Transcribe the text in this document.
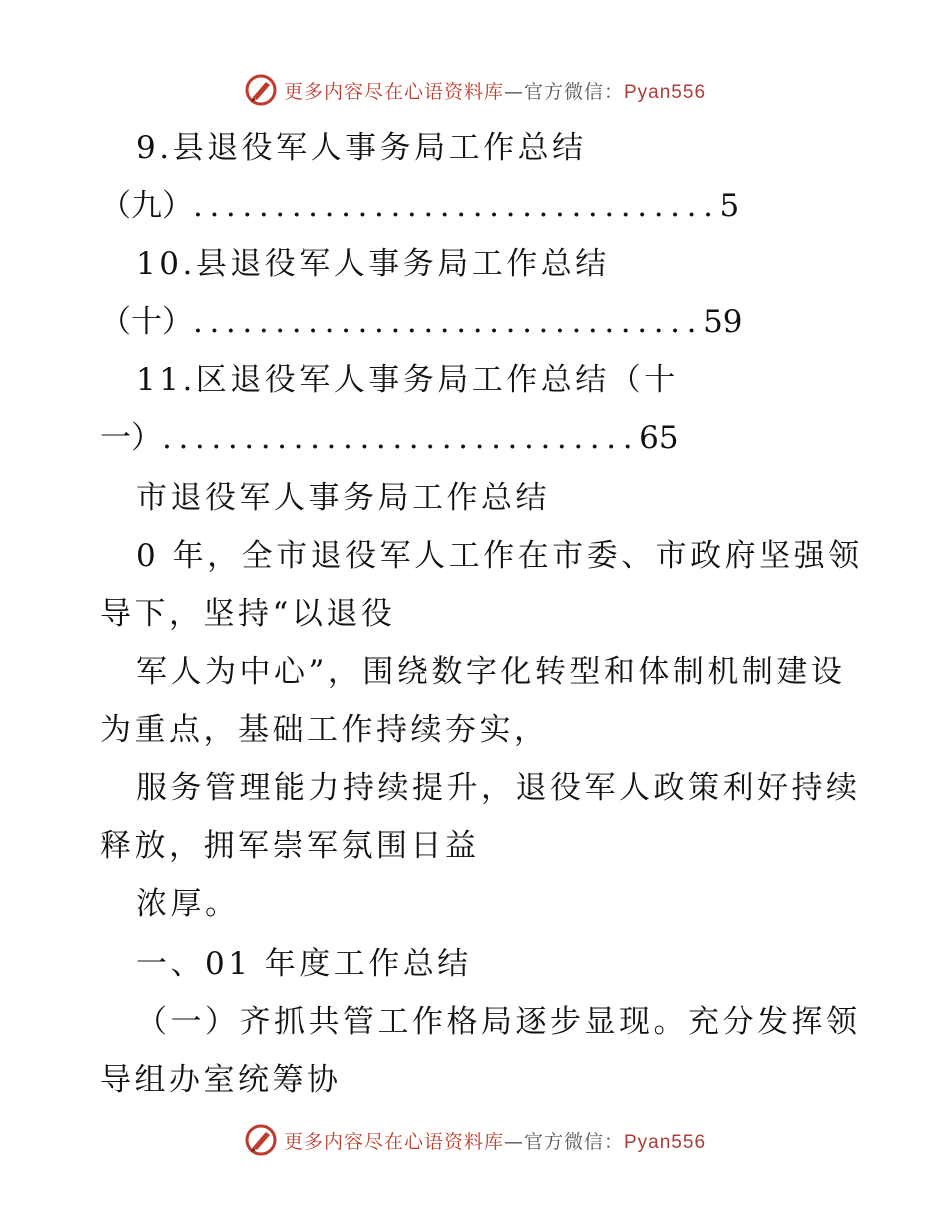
更多内容尽在心语资料库—官方微信：Pyan556
9.县退役军人事务局工作总结
（九）................................5
10.县退役军人事务局工作总结
（十）...............................59
11.区退役军人事务局工作总结（十
一）.............................65
市退役军人事务局工作总结
0 年，全市退役军人工作在市委、市政府坚强领
导下，坚持“以退役
军人为中心”，围绕数字化转型和体制机制建设
为重点，基础工作持续夯实，
服务管理能力持续提升，退役军人政策利好持续
释放，拥军崇军氛围日益
浓厚。
一、01 年度工作总结
（一）齐抓共管工作格局逐步显现。充分发挥领
导组办室统筹协
更多内容尽在心语资料库—官方微信：Pyan556
